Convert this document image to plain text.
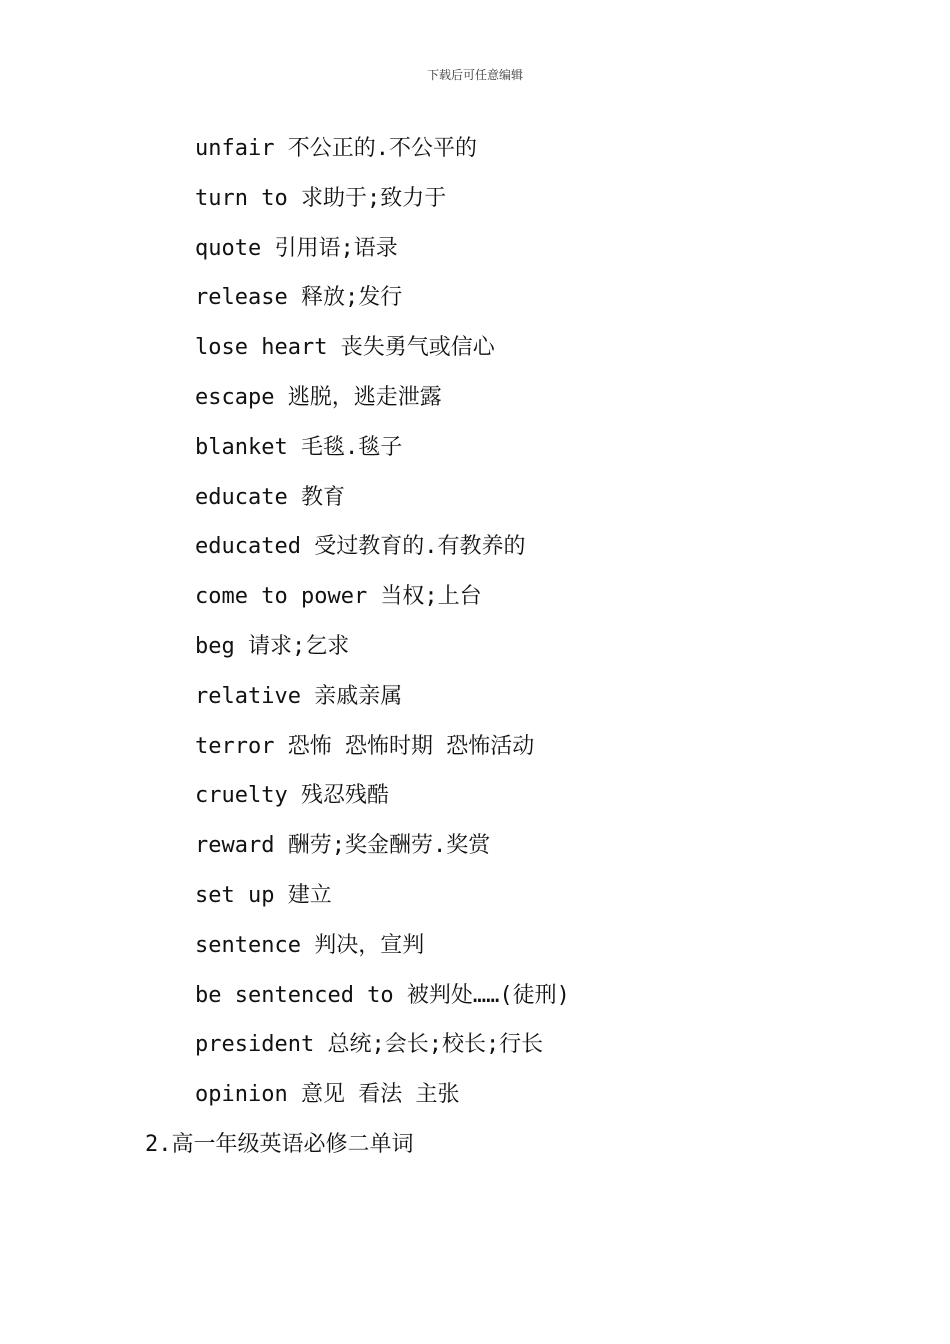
下载后可任意编辑
unfair 不公正的.不公平的
turn to 求助于;致力于
quote 引用语;语录
release 释放;发行
lose heart 丧失勇气或信心
escape 逃脱，逃走泄露
blanket 毛毯.毯子
educate 教育
educated 受过教育的.有教养的
come to power 当权;上台
beg 请求;乞求
relative 亲戚亲属
terror 恐怖 恐怖时期 恐怖活动
cruelty 残忍残酷
reward 酬劳;奖金酬劳.奖赏
set up 建立
sentence 判决，宣判
be sentenced to 被判处……(徒刑)
president 总统;会长;校长;行长
opinion 意见 看法 主张
2.高一年级英语必修二单词
